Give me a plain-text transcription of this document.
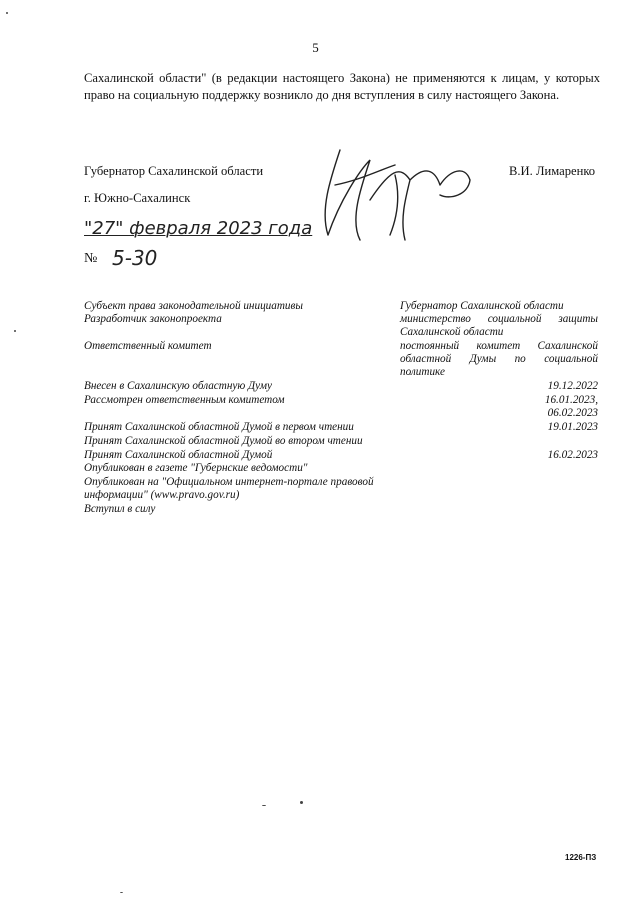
5
Сахалинской области" (в редакции настоящего Закона) не применяются к лицам, у которых право на социальную поддержку возникло до дня вступления в силу настоящего Закона.
Губернатор Сахалинской области	В.И. Лимаренко
г. Южно-Сахалинск
"27" февраля 2023 года
№ 5-30
Субъект права законодательной инициативы	Губернатор Сахалинской области
Разработчик законопроекта	министерство социальной защиты Сахалинской области
Ответственный комитет	постоянный комитет Сахалинской областной Думы по социальной политике
Внесен в Сахалинскую областную Думу	19.12.2022
Рассмотрен ответственным комитетом	16.01.2023,
06.02.2023
Принят Сахалинской областной Думой в первом чтении	19.01.2023
Принят Сахалинской областной Думой во втором чтении
Принят Сахалинской областной Думой	16.02.2023
Опубликован в газете "Губернские ведомости"
Опубликован на "Официальном интернет-портале правовой информации" (www.pravo.gov.ru)
Вступил в силу
1226-ПЗ
